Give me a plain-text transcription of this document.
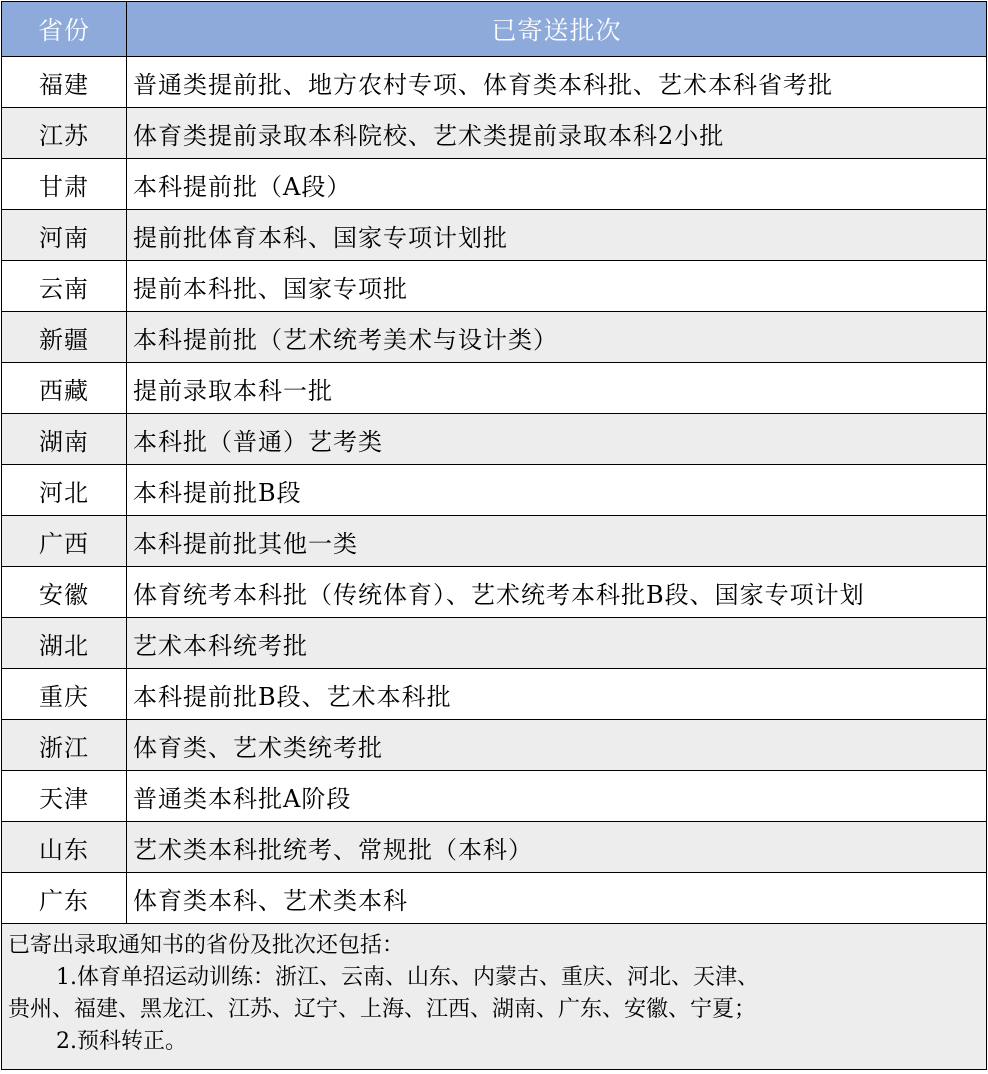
省份	已寄送批次
福建	普通类提前批、地方农村专项、体育类本科批、艺术本科省考批
江苏	体育类提前录取本科院校、艺术类提前录取本科2小批
甘肃	本科提前批（A段）
河南	提前批体育本科、国家专项计划批
云南	提前本科批、国家专项批
新疆	本科提前批（艺术统考美术与设计类）
西藏	提前录取本科一批
湖南	本科批（普通）艺考类
河北	本科提前批B段
广西	本科提前批其他一类
安徽	体育统考本科批（传统体育）、艺术统考本科批B段、国家专项计划
湖北	艺术本科统考批
重庆	本科提前批B段、艺术本科批
浙江	体育类、艺术类统考批
天津	普通类本科批A阶段
山东	艺术类本科批统考、常规批（本科）
广东	体育类本科、艺术类本科

已寄出录取通知书的省份及批次还包括：

1.体育单招运动训练：浙江、云南、山东、内蒙古、重庆、河北、天津、

贵州、福建、黑龙江、江苏、辽宁、上海、江西、湖南、广东、安徽、宁夏；

2.预科转正。
